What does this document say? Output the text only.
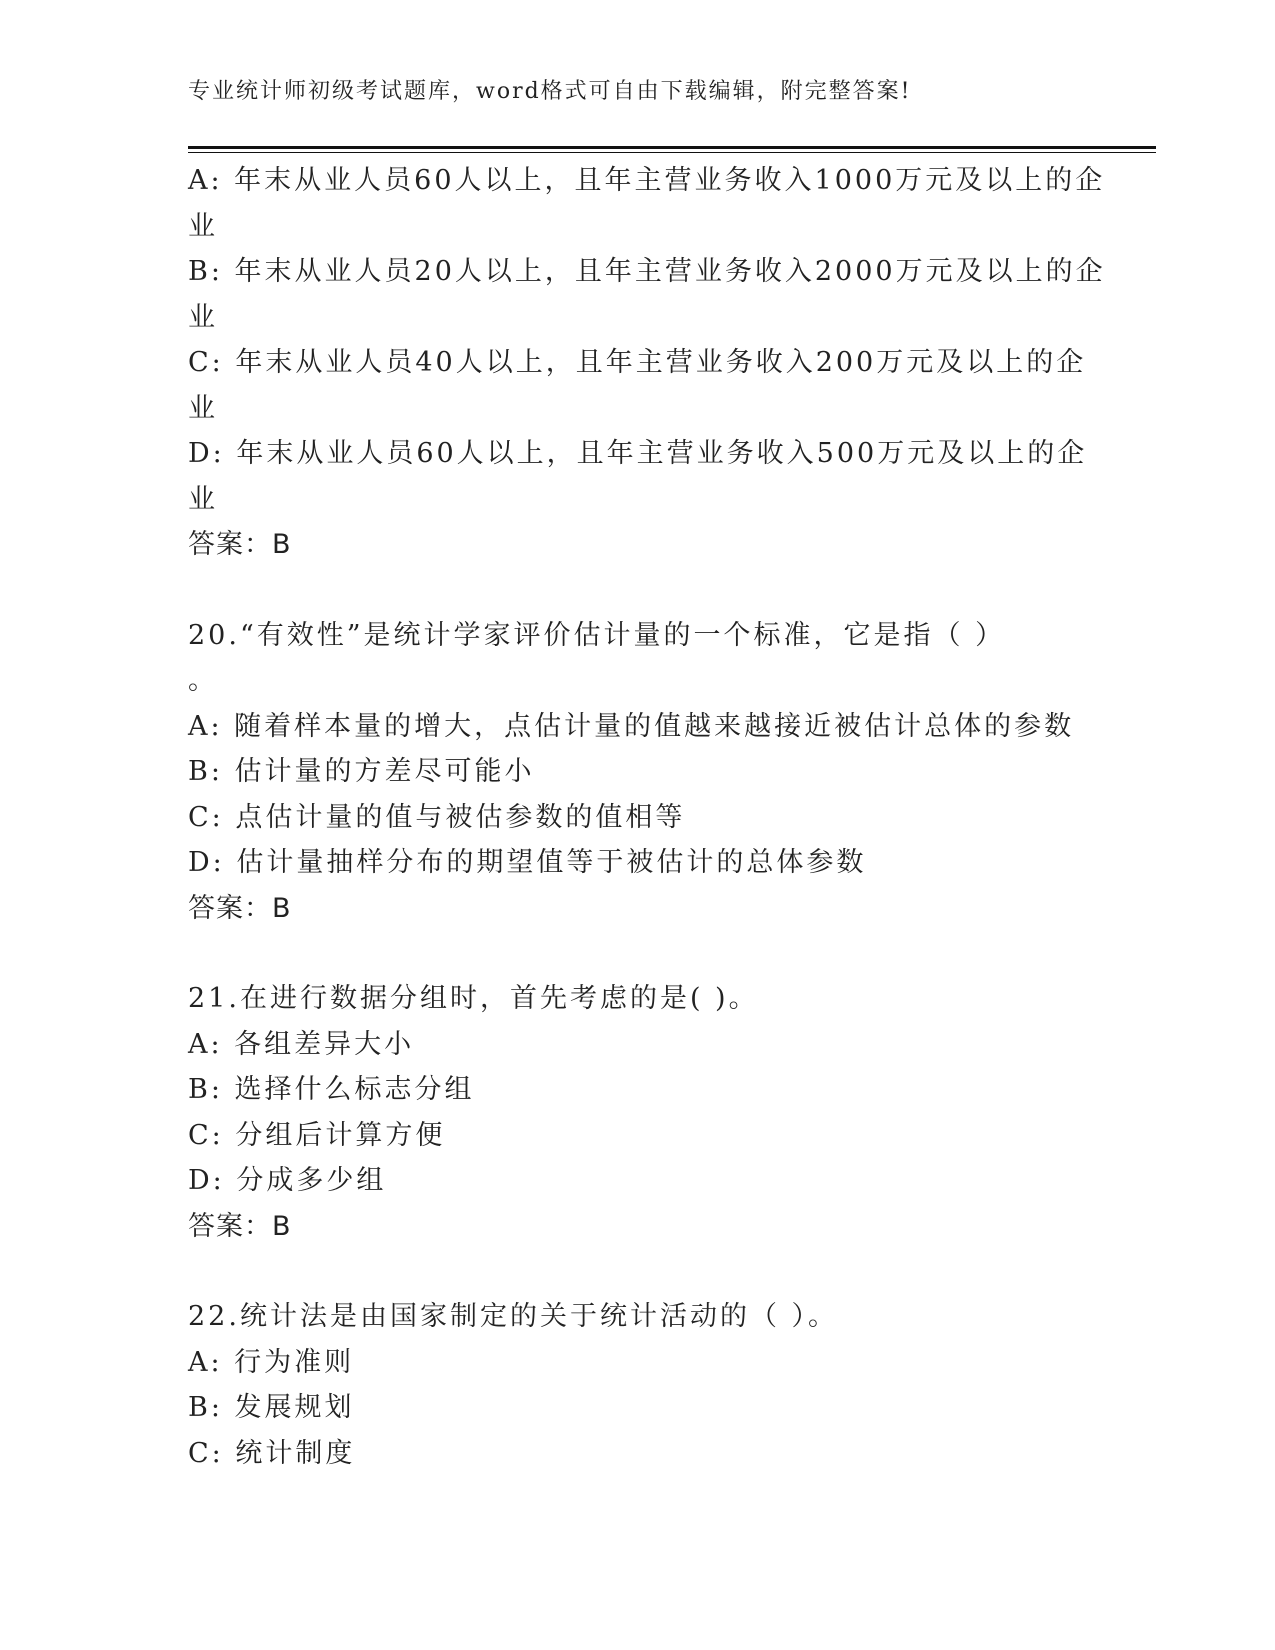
专业统计师初级考试题库，word格式可自由下载编辑，附完整答案!
A: 年末从业人员60人以上，且年主营业务收入1000万元及以上的企
业
B: 年末从业人员20人以上，且年主营业务收入2000万元及以上的企
业
C: 年末从业人员40人以上，且年主营业务收入200万元及以上的企
业
D: 年末从业人员60人以上，且年主营业务收入500万元及以上的企
业
答案：B
20.“有效性”是统计学家评价估计量的一个标准，它是指（ ）
。
A: 随着样本量的增大，点估计量的值越来越接近被估计总体的参数
B: 估计量的方差尽可能小
C: 点估计量的值与被估参数的值相等
D: 估计量抽样分布的期望值等于被估计的总体参数
答案：B
21.在进行数据分组时，首先考虑的是( )。
A: 各组差异大小
B: 选择什么标志分组
C: 分组后计算方便
D: 分成多少组
答案：B
22.统计法是由国家制定的关于统计活动的（ ）。
A: 行为准则
B: 发展规划
C: 统计制度
